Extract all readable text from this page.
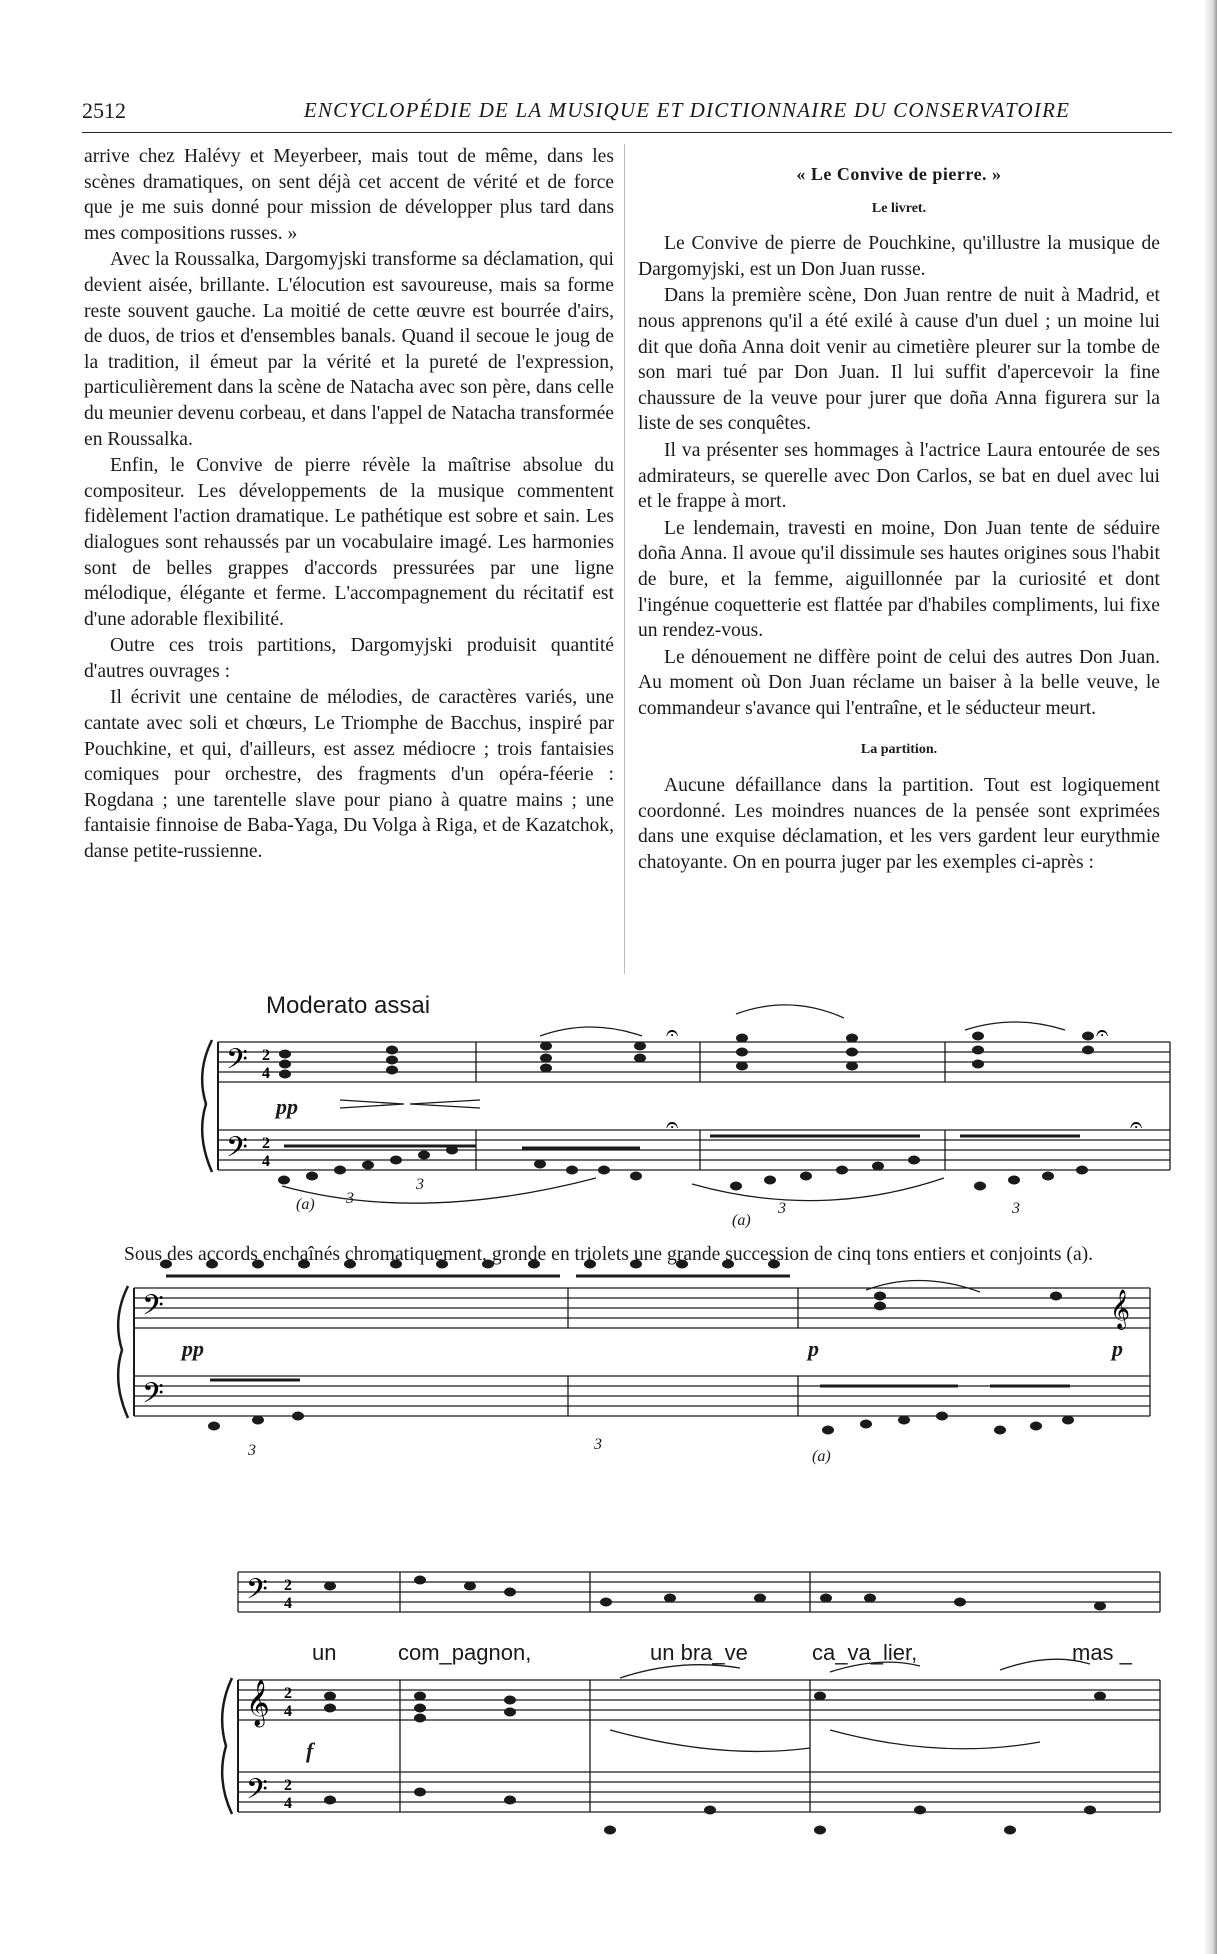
2512	ENCYCLOPÉDIE DE LA MUSIQUE ET DICTIONNAIRE DU CONSERVATOIRE

arrive chez Halévy et Meyerbeer, mais tout de même, dans les scènes dramatiques, on sent déjà cet accent de vérité et de force que je me suis donné pour mission de développer plus tard dans mes compositions russes. »

Avec la Roussalka, Dargomyjski transforme sa déclamation, qui devient aisée, brillante. L'élocution est savoureuse, mais sa forme reste souvent gauche. La moitié de cette œuvre est bourrée d'airs, de duos, de trios et d'ensembles banals. Quand il secoue le joug de la tradition, il émeut par la vérité et la pureté de l'expression, particulièrement dans la scène de Natacha avec son père, dans celle du meunier devenu corbeau, et dans l'appel de Natacha transformée en Roussalka.

Enfin, le Convive de pierre révèle la maîtrise absolue du compositeur. Les développements de la musique commentent fidèlement l'action dramatique. Le pathétique est sobre et sain. Les dialogues sont rehaussés par un vocabulaire imagé. Les harmonies sont de belles grappes d'accords pressurées par une ligne mélodique, élégante et ferme. L'accompagnement du récitatif est d'une adorable flexibilité.

Outre ces trois partitions, Dargomyjski produisit quantité d'autres ouvrages :

Il écrivit une centaine de mélodies, de caractères variés, une cantate avec soli et chœurs, Le Triomphe de Bacchus, inspiré par Pouchkine, et qui, d'ailleurs, est assez médiocre ; trois fantaisies comiques pour orchestre, des fragments d'un opéra-féerie : Rogdana ; une tarentelle slave pour piano à quatre mains ; une fantaisie finnoise de Baba-Yaga, Du Volga à Riga, et de Kazatchok, danse petite-russienne.

« Le Convive de pierre. »
Le livret.

Le Convive de pierre de Pouchkine, qu'illustre la musique de Dargomyjski, est un Don Juan russe.

Dans la première scène, Don Juan rentre de nuit à Madrid, et nous apprenons qu'il a été exilé à cause d'un duel ; un moine lui dit que doña Anna doit venir au cimetière pleurer sur la tombe de son mari tué par Don Juan. Il lui suffit d'apercevoir la fine chaussure de la veuve pour jurer que doña Anna figurera sur la liste de ses conquêtes.

Il va présenter ses hommages à l'actrice Laura entourée de ses admirateurs, se querelle avec Don Carlos, se bat en duel avec lui et le frappe à mort.

Le lendemain, travesti en moine, Don Juan tente de séduire doña Anna. Il avoue qu'il dissimule ses hautes origines sous l'habit de bure, et la femme, aiguillonnée par la curiosité et dont l'ingénue coquetterie est flattée par d'habiles compliments, lui fixe un rendez-vous.

Le dénouement ne diffère point de celui des autres Don Juan. Au moment où Don Juan réclame un baiser à la belle veuve, le commandeur s'avance qui l'entraîne, et le séducteur meurt.

La partition.

Aucune défaillance dans la partition. Tout est logiquement coordonné. Les moindres nuances de la pensée sont exprimées dans une exquise déclamation, et les vers gardent leur eurythmie chatoyante. On en pourra juger par les exemples ci-après :

Moderato assai
𝄢 2
4
𝄢 2
4
𝄐	𝄐
𝄐	𝄐
𝄢
𝄢
𝄞
𝄢 2
4
𝄞 2
4
𝄢 2
4
pp
pp	p	p
(a)
(a)
(a)
3
3
3	3
3	3
Sous des accords enchaînés chromatiquement, gronde en triolets une grande succession de cinq tons entiers et conjoints (a).
f
un	com_pagnon,	un bra_ve	ca_va_lier,	mas _
